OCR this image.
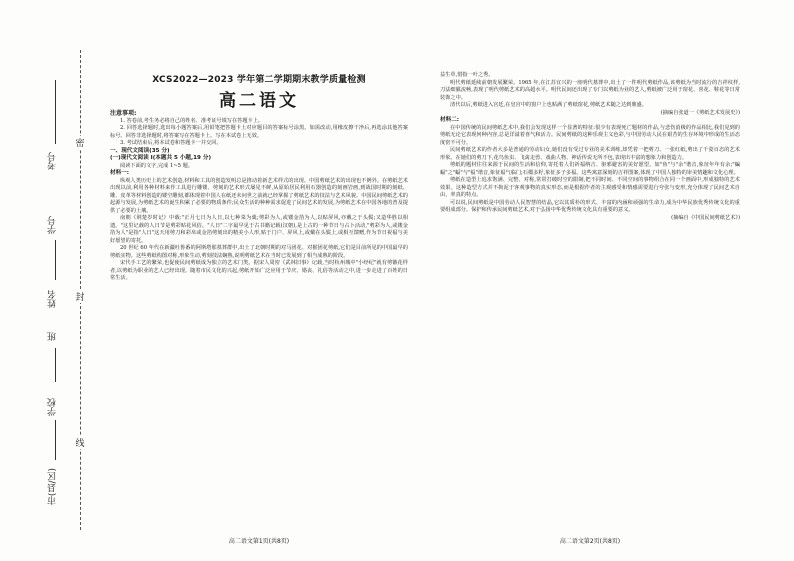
密
封
线
考号
学号
姓名
班
学校
市(县/区)
XCS2022—2023 学年第二学期期末教学质量检测
高二语文

注意事项:

1. 答卷前,考生务必将自己的姓名、准考证号填写在答题卡上。

2. 回答选择题时,选出每小题答案后,用铅笔把答题卡上对应题目的答案标号涂黑。如需改动,用橡皮擦干净后,再选涂其他答案标号。回答非选择题时,将答案写在答题卡上。写在本试卷上无效。

3. 考试结束后,将本试卷和答题卡一并交回。

一、现代文阅读(35 分)

(一)现代文阅读 I(本题共 5 小题,19 分)

阅读下面的文字,完成 1~5 题。

材料一:

纵观人类历史上的艺术创造,材料和工具的创造发明总是推动着新艺术样式的出现。中国剪纸艺术的出现也不例外。在剪纸艺术出现以前,利用各种材料来作工具进行雕镂、剪刻的艺术形式屡见不鲜,从原始居民利用石器创造的刻画岩画,到战国时期的刻纸、雕、皮革等材料创造的镂空雕刻,都体现着中国人在纸还未问世之前就已经掌握了剪纸艺术的技法与艺术风貌。中国民间剪纸艺术的起源与发展,为剪纸艺术的诞生积累了必要的物质条件;民众生活的种种需求促进了民间艺术的发展,为剪纸艺术在中国各地的普及提供了必要的土壤。

南朝《荆楚岁时记》中载:"正月七日为人日,以七种菜为羹;剪彩为人,或镂金箔为人,以贴屏风,亦戴之于头鬓;又造华胜以相遗。"这里记载的人日节是剪彩贴花风俗。"人日"二字最早见于古书籍记载(汉朝),是上古的一种节日与占卜活动,"剪彩为人,或镂金箔为人"是指"人日"这天用剪刀和彩帛或金箔剪刻出的精美小人形,贴于门户、屏风上,或戴在头鬓上,或相互馈赠,作为节日祝福与美好愿望的寄托。

20 世纪 60 年代在新疆吐鲁番的阿斯塔那墓葬群中,出土了北朝时期的对马团花、对猴团花剪纸,它们是目前所见的中国最早的剪纸实物。这些剪纸构图对称,形象生动,剪刻技法娴熟,说明剪纸艺术在当时已发展到了相当成熟的阶段。

宋代手工艺的繁荣,也促使民间剪纸成为独立的艺术门类。据宋人周密《武林旧事》记载,当时杭州城中"小经纪"就有剪镞花样者,以剪纸为职业的艺人已经出现。随着市民文化的兴起,剪纸开始广泛应用于节庆、婚丧、礼俗等活动之中,进一步走进了百姓的日常生活。

益生草,惜指一叶之秀。

明代剪纸延续前朝发展繁荣。1965 年,在江苏宜兴的一座明代墓葬中,出土了一件明代剪纸作品,该剪纸为当时流行的吉祥纹样,刀法细腻流畅,表现了明代剪纸艺术的高超水平。明代民间还出现了专门以剪纸为业的艺人,剪纸被广泛用于窗花、喜花、鞋花等日常装饰之中。

清代以后,剪纸进入宫廷,在皇宫中的窗户上也贴满了剪纸窗花,剪纸艺术随之达到鼎盛。

(摘编自张道一《剪纸艺术发展史》)

材料二:

在中国传统的民间剪纸艺术中,我们会发现这样一个显著的特征:很少有表现死亡题材的作品,与悲伤消极的作品相比,我们见到的剪纸无论它表现何种内容,总是洋溢着喜气和活力。民间剪纸的这种乐观主义色彩,与中国劳动人民在艰苦的生存环境中形成的生活态度密不可分。

民间剪纸艺术的作者大多是普通的劳动妇女,她们没有受过专业的美术训练,却凭着一把剪刀、一张红纸,剪出了千姿百态的艺术形象。在她们的剪刀下,花鸟鱼虫、飞禽走兽、戏曲人物、神话传说无所不包,表现出丰富的想象力和创造力。

剪纸的题材往往来源于民间的生活和信仰,寄托着人们祈福纳吉、驱邪避害的美好愿望。如"鱼"与"余"谐音,象征年年有余;"蝙蝠"之"蝠"与"福"谐音,象征福气临门;石榴多籽,象征多子多福。这些寓意深刻的吉祥图案,体现了中国人独特的审美情趣和文化心理。

剪纸在造型上追求饱满、完整、对称,常常打破时空的限制,把不同时间、不同空间的事物组合在同一个画面中,形成独特的艺术效果。这种造型方式并不拘泥于客观事物的真实形态,而是根据作者的主观感受和情感需要进行夸张与变形,充分体现了民间艺术自由、率真的特点。

可以说,民间剪纸是中国劳动人民智慧的结晶,它以其质朴的形式、丰富的内涵和顽强的生命力,成为中华民族优秀传统文化的重要组成部分。保护和传承民间剪纸艺术,对于弘扬中华优秀传统文化具有重要的意义。

(摘编自《中国民间剪纸艺术》)

高二语文第1页(共8页)	高二语文第2页(共8页)
